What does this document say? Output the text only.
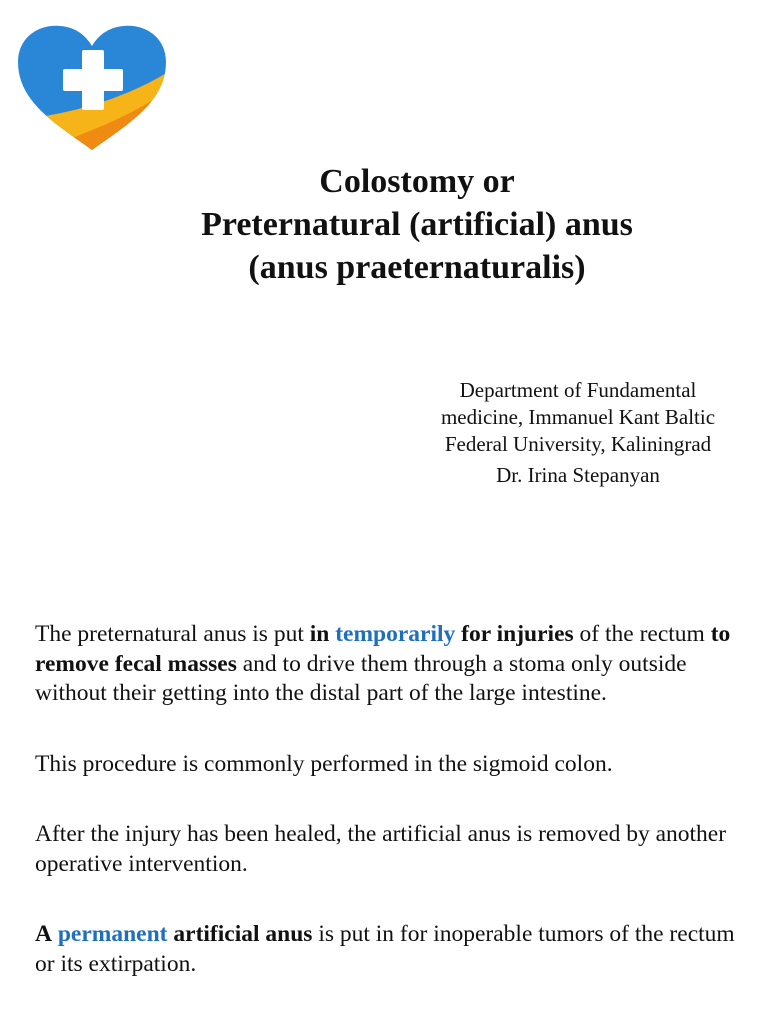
Colostomy or
Preternatural (artificial) anus
(anus praeternaturalis)
Department of Fundamental
medicine, Immanuel Kant Baltic
Federal University, Kaliningrad
Dr. Irina Stepanyan

The preternatural anus is put in temporarily for injuries of the rectum to remove fecal masses and to drive them through a stoma only outside without their getting into the distal part of the large intestine.

This procedure is commonly performed in the sigmoid colon.

After the injury has been healed, the artificial anus is removed by another operative intervention.

A permanent artificial anus is put in for inoperable tumors of the rectum or its extirpation.
